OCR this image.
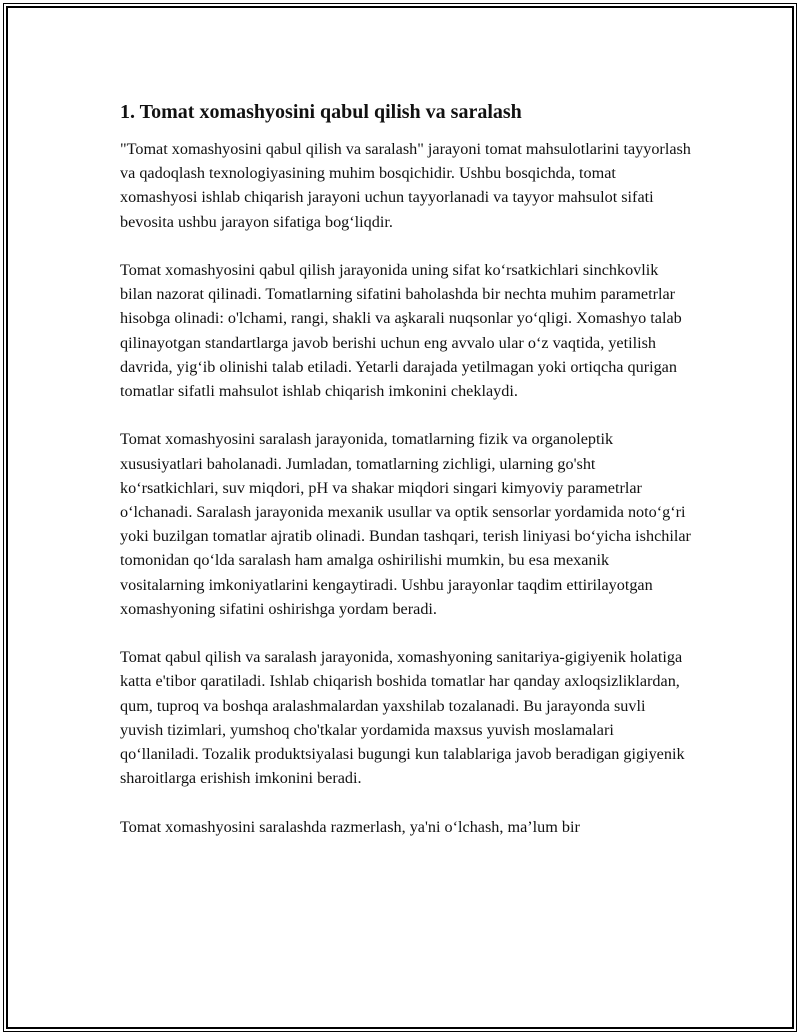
1. Tomat xomashyosini qabul qilish va saralash

"Tomat xomashyosini qabul qilish va saralash" jarayoni tomat mahsulotlarini tayyorlash va qadoqlash texnologiyasining muhim bosqichidir. Ushbu bosqichda, tomat xomashyosi ishlab chiqarish jarayoni uchun tayyorlanadi va tayyor mahsulot sifati bevosita ushbu jarayon sifatiga bog‘liqdir.

Tomat xomashyosini qabul qilish jarayonida uning sifat ko‘rsatkichlari sinchkovlik bilan nazorat qilinadi. Tomatlarning sifatini baholashda bir nechta muhim parametrlar hisobga olinadi: o'lchami, rangi, shakli va aşkarali nuqsonlar yo‘qligi. Xomashyo talab qilinayotgan standartlarga javob berishi uchun eng avvalo ular o‘z vaqtida, yetilish davrida, yig‘ib olinishi talab etiladi. Yetarli darajada yetilmagan yoki ortiqcha qurigan tomatlar sifatli mahsulot ishlab chiqarish imkonini cheklaydi.

Tomat xomashyosini saralash jarayonida, tomatlarning fizik va organoleptik xususiyatlari baholanadi. Jumladan, tomatlarning zichligi, ularning go'sht ko‘rsatkichlari, suv miqdori, pH va shakar miqdori singari kimyoviy parametrlar o‘lchanadi. Saralash jarayonida mexanik usullar va optik sensorlar yordamida noto‘g‘ri yoki buzilgan tomatlar ajratib olinadi. Bundan tashqari, terish liniyasi bo‘yicha ishchilar tomonidan qo‘lda saralash ham amalga oshirilishi mumkin, bu esa mexanik vositalarning imkoniyatlarini kengaytiradi. Ushbu jarayonlar taqdim ettirilayotgan xomashyoning sifatini oshirishga yordam beradi.

Tomat qabul qilish va saralash jarayonida, xomashyoning sanitariya-gigiyenik holatiga katta e'tibor qaratiladi. Ishlab chiqarish boshida tomatlar har qanday axloqsizliklardan, qum, tuproq va boshqa aralashmalardan yaxshilab tozalanadi. Bu jarayonda suvli yuvish tizimlari, yumshoq cho'tkalar yordamida maxsus yuvish moslamalari qo‘llaniladi. Tozalik produktsiyalasi bugungi kun talablariga javob beradigan gigiyenik sharoitlarga erishish imkonini beradi.

Tomat xomashyosini saralashda razmerlash, ya'ni o‘lchash, ma’lum bir
